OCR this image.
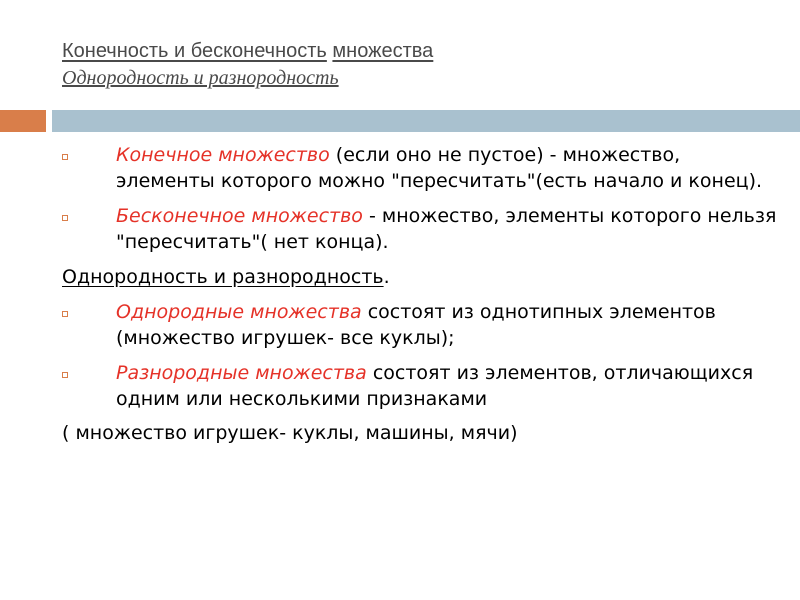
Конечность и бесконечность множества

Однородность и разнородность

Конечное множество (если оно не пустое) - множество, элементы которого можно "пересчитать"(есть начало и конец).
Бесконечное множество - множество, элементы которого нельзя "пересчитать"( нет конца).
Однородность и разнородность.
Однородные множества состоят из однотипных элементов (множество игрушек- все куклы);
Разнородные множества состоят из элементов, отличающихся одним или несколькими признаками
( множество игрушек- куклы, машины, мячи)
